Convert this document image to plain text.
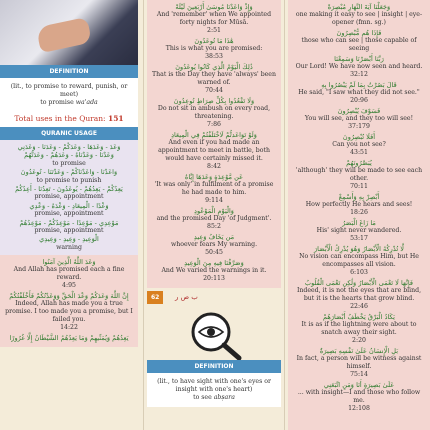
DEFINITION
(lit., to promise to reward, punish, or meet)
to promise wa'ada
Total uses in the Quran: 151
QURANIC USAGE
وَعَدَ - وَعَدَهَا - وَعَدَكُمْ - وَعَدَنَا - وَعَدَنِي
وَعَدْنَا - وَعَدْنَاهُ - وَعَدَهُمْ - وَعَدَتَّهُمْ
to promise
وَاعَدْنَا - وَاعَدْنَاكُمْ - وَعَدْتَنَا - تُوعَدُونَ
to promise to punish
يَعِدُكُمْ - يَعِدُهُمْ - يُوعَدُونَ - تَعِدُنَا - أَعِدُكُمْ
promise, appointment
وَعْدًا - الْمِيعَادِ - وَعْدَهُ - وَعْدِي
promise, appointment
مَوْعِدِي - مَوْعِدًا - مَوْعِدُكُمْ - مَوْعِدُهُمْ
promise, appointment
الْوَعِيدِ - وَعِيدِ - وَعِيدِي
warning
وَعَدَ اللَّهُ الَّذِينَ آمَنُوا
And Allah has promised each a fine reward.
4:95
إِنَّ اللَّهَ وَعَدَكُمْ وَعْدَ الْحَقِّ وَوَعَدْتُكُمْ فَأَخْلَفْتُكُمْ
Indeed, Allah has made you a true promise. I too made you a promise, but I failed you.
14:22
يَعِدُهُمْ وَيُمَنِّيهِمْ وَمَا يَعِدُهُمُ الشَّيْطَانُ إِلَّا غُرُورًا
وَإِذْ وَاعَدْنَا مُوسَىٰ أَرْبَعِينَ لَيْلَةً
And 'remember' when We appointed forty nights for Mūsā.
2:51
هَٰذَا مَا تُوعَدُونَ
This is what you are promised:
38:53
ذَٰلِكَ الْيَوْمُ الَّذِي كَانُوا يُوعَدُونَ
That is the Day they have 'always' been warned of.
70:44
وَلَا تَقْعُدُوا بِكُلِّ صِرَاطٍ تُوعِدُونَ
Do not sit in ambush on every road, threatening.
7:86
وَلَوْ تَوَاعَدتُّمْ لَاخْتَلَفْتُمْ فِي الْمِيعَادِ
And even if you had made an appointment to meet in battle, both would have certainly missed it.
8:42
عَن مَّوْعِدَةٍ وَعَدَهَا إِيَّاهُ
'It was only' in fulfilment of a promise he had made to him.
9:114
وَالْيَوْمِ الْمَوْعُودِ
and the promised Day 'of Judgment'.
85:2
مَن يَخَافُ وَعِيدِ
whoever fears My warning.
50:45
وَصَرَّفْنَا فِيهِ مِنَ الْوَعِيدِ
And We varied the warnings in it.
20:113
62 ب ص ر
DEFINITION
(lit., to have sight with one's eyes or insight with one's heart)
to see abṣara
وَجَعَلْنَا آيَةَ النَّهَارِ مُبْصِرَةً
one making it easy to see | insight | eye-opener (fmn. sg.)
فَإِذَا هُم مُّبْصِرُونَ
those who can see | those capable of seeing
رَبَّنَا أَبْصَرْنَا وَسَمِعْنَا
Our Lord! We have now seen and heard.
32:12
قَالَ بَصُرْتُ بِمَا لَمْ يَبْصُرُوا بِهِ
He said, "I saw what they did not see."
20:96
فَسَوْفَ يُبْصِرُونَ
You will see, and they too will see!
37:179
أَفَلَا تُبْصِرُونَ
Can you not see?
43:51
يُبَصَّرُونَهُمْ
'although' they will be made to see each other.
70:11
أَبْصِرْ بِهِ وَأَسْمِعْ
How perfectly He hears and sees!
18:26
مَا زَاغَ الْبَصَرُ
His' sight never wandered.
53:17
لَّا تُدْرِكُهُ الْأَبْصَارُ وَهُوَ يُدْرِكُ الْأَبْصَارَ
No vision can encompass Him, but He encompasses all vision.
6:103
فَإِنَّهَا لَا تَعْمَى الْأَبْصَارُ وَلَٰكِن تَعْمَى الْقُلُوبُ
Indeed, it is not the eyes that are blind, but it is the hearts that grow blind.
22:46
يَكَادُ الْبَرْقُ يَخْطَفُ أَبْصَارَهُمْ
It is as if the lightning were about to snatch away their sight.
2:20
بَلِ الْإِنسَانُ عَلَىٰ نَفْسِهِ بَصِيرَةٌ
In fact, a person will be witness against himself.
75:14
عَلَىٰ بَصِيرَةٍ أَنَا وَمَنِ اتَّبَعَنِي
... with insight—I and those who follow me.
12:108
